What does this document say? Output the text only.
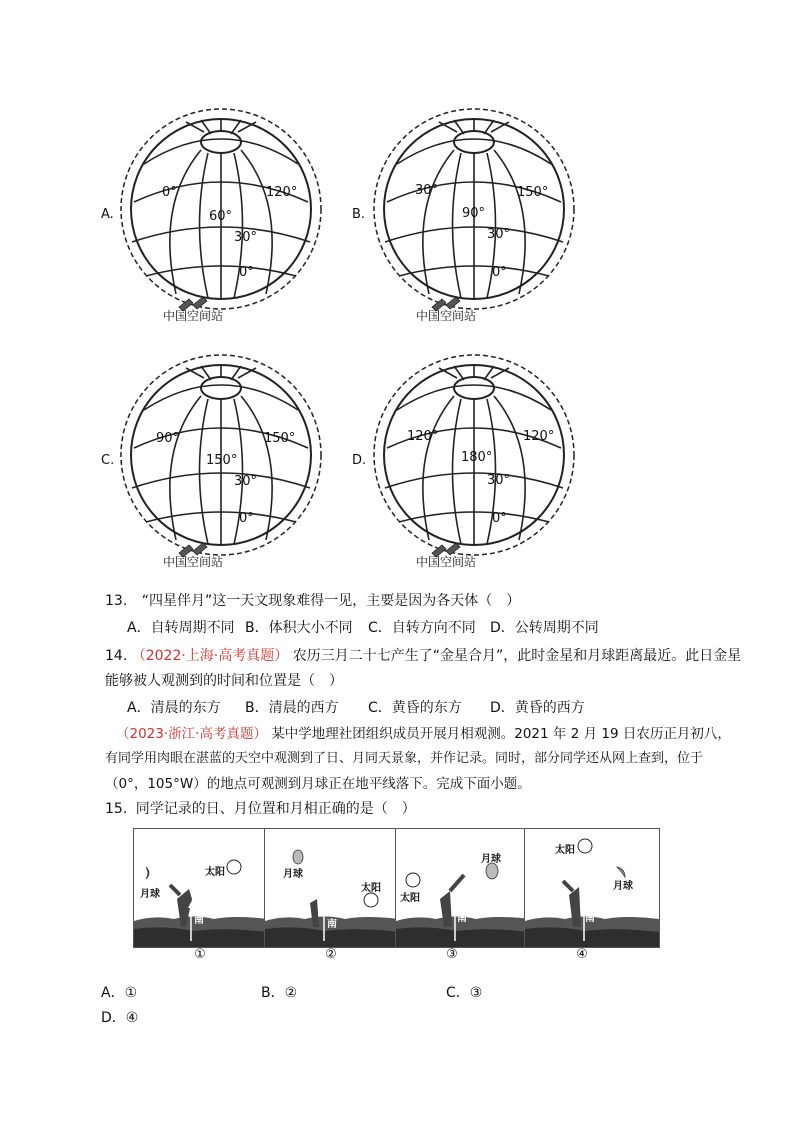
A.
0°
60°
120°
30°
0°
中国空间站
B.
30°
90°
150°
30°
0°
中国空间站
C.
90°
150°
150°
30°
0°
中国空间站
D.
120°
180°
120°
30°
0°
中国空间站
13. “四星伴月”这一天文现象难得一见，主要是因为各天体（　）
A．自转周期不同 B．体积大小不同 C．自转方向不同 D．公转周期不同
14. （2022·上海·高考真题） 农历三月二十七产生了“金星合月”，此时金星和月球距离最近。此日金星
能够被人观测到的时间和位置是（　）
A．清晨的东方 B．清晨的西方 C．黄昏的东方 D．黄昏的西方
（2023·浙江·高考真题） 某中学地理社团组织成员开展月相观测。2021 年 2 月 19 日农历正月初八，
有同学用肉眼在湛蓝的天空中观测到了日、月同天景象，并作记录。同时，部分同学还从网上查到，位于
（0°，105°W）的地点可观测到月球正在地平线落下。完成下面小题。
15. 同学记录的日、月位置和月相正确的是（　）
太阳
月球
南
①
月球
太阳
南
②
月球
太阳
南
③
太阳
月球
南
④
A．①	B．②	C．③
D．④
